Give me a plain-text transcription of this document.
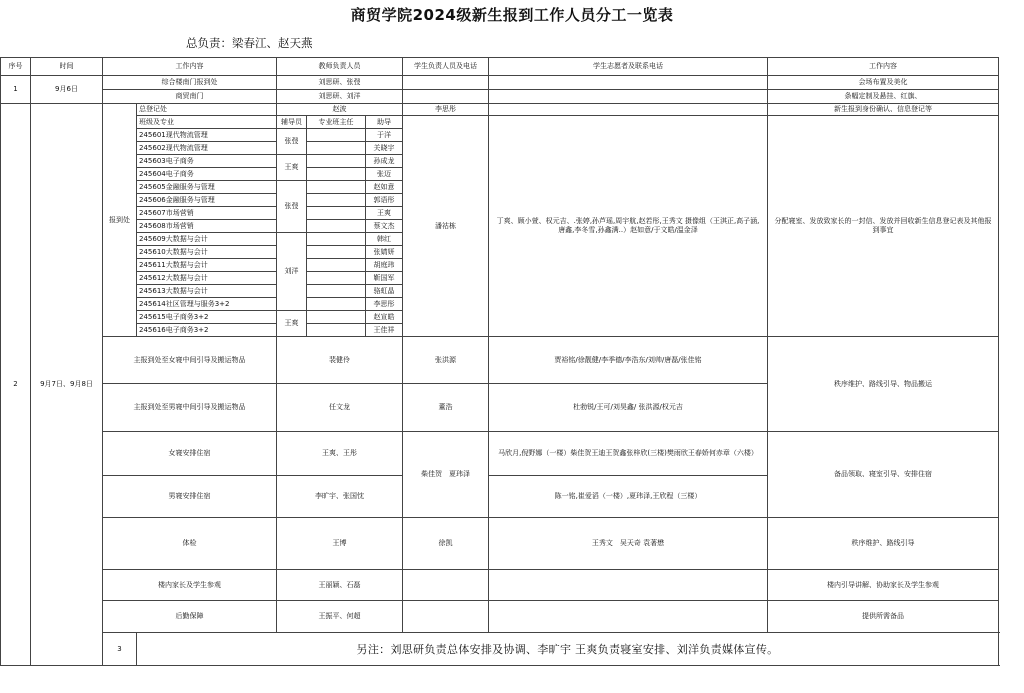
商贸学院2024级新生报到工作人员分工一览表
总负责：梁春江、赵天燕
序号	时间	工作内容		教师负责人员			学生负责人员及电话	学生志愿者及联系电话	工作内容
1	9月6日	综合楼南门报到处		刘思研、张弢					会场布置及美化
		商贸南门		刘思研、刘洋					条幅定制及悬挂、红旗、
2	9月7日、9月8日	报到处	总登记处	赵波			李思彤		新生报到身份确认、信息登记等
			班级及专业	辅导员	专业班主任	助导	潘祜栋	丁爽、顾小萱、权元吉、.张婷,孙芦瑶,周宇航,赵若彤,王秀文 摄像组（王淇正,高子涵,唐鑫,李冬雪,孙鑫满..）赵如意/于文皓/温金泽	分配寝室、发放致家长的一封信、发放并回收新生信息登记表及其他报到事宜
			245601现代物流管理	张弢		于洋			
			245602现代物流管理			关晓宇			
			245603电子商务	王爽		孙成龙			
			245604电子商务			张迈			
			245605金融服务与管理	张弢		赵如意			
			245606金融服务与管理			郭语彤			
			245607市场营销			王爽			
			245608市场营销			蔡文杰			
			245609大数据与会计	刘洋		韩红			
			245610大数据与会计			张婧妍			
			245611大数据与会计			胡庭玮			
			245612大数据与会计			靳国军			
			245613大数据与会计			骆虹晶			
			245614社区管理与服务3+2			李思彤			
			245615电子商务3+2	王爽		赵宣皓			
			245616电子商务3+2			王佳祥			
		主报到处至女寝中间引导及搬运物品		裴健伶			张洪源	贾裕铭/徐靓健/李季德/李浩东/刘帅/唐磊/张佳铭	秩序维护、路线引导、物品搬运
		主报到处至男寝中间引导及搬运物品		任文龙			董浩	杜勃锐/王可/刘昊鑫/ 张洪源/权元吉	
		女寝安排住宿		王爽、王彤			柴佳贺　夏玮泽	马欣月,倪野娜（一楼）柴佳贺王迪王贺鑫张梓欣(三楼)樊雨欣王春娇何赤章（六楼）	备品领取、寝室引导、安排住宿
		男寝安排住宿		李旷宇、张国忱				陈一铭,崔爱滔（一楼）,夏玮泽,王欣程（三楼）	
		体检		王博			徐凯	王秀文　吴天奇 袁著懋	秩序维护、路线引导
		楼内家长及学生参观		王丽颖、石磊					楼内引导讲解、协助家长及学生参观
		后勤保障		王振平、何超					提供所需备品
		3	另注：刘思研负责总体安排及协调、李旷宇 王爽负责寝室安排、刘洋负责媒体宣传。						
